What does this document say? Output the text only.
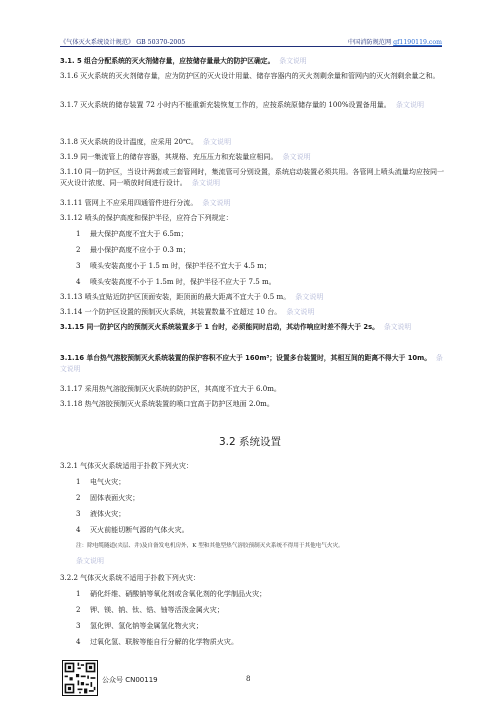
《气体灭火系统设计规范》 GB 50370-2005	中国消防规范网 gf1190119.com
3.1. 5 组合分配系统的灭火剂储存量，应按储存量最大的防护区确定。 条文说明
3.1.6 灭火系统的灭火剂储存量，应为防护区的灭火设计用量、储存容器内的灭火剂剩余量和管网内的灭火剂剩余量之和。
3.1.7 灭火系统的储存装置 72 小时内不能重新充装恢复工作的，应按系统原储存量的 100%设置备用量。 条文说明
3.1.8 灭火系统的设计温度，应采用 20℃。 条文说明
3.1.9 同一集流管上的储存容器，其规格、充压压力和充装量应相同。 条文说明
3.1.10 同一防护区，当设计两套或三套管网时，集流管可分别设置，系统启动装置必须共用。各管网上喷头流量均应按同一灭火设计浓度、同一喷放时间进行设计。 条文说明
3.1.11 管网上不应采用四通管件进行分流。 条文说明
3.1.12 喷头的保护高度和保护半径，应符合下列规定：
1 最大保护高度不宜大于 6.5m；
2 最小保护高度不应小于 0.3 m；
3 喷头安装高度小于 1.5 m 时，保护半径不宜大于 4.5 m；
4 喷头安装高度不小于 1.5m 时，保护半径不应大于 7.5 m。
3.1.13 喷头宜贴近防护区顶面安装，距顶面的最大距离不宜大于 0.5 m。 条文说明
3.1.14 一个防护区设置的预制灭火系统，其装置数量不宜超过 10 台。 条文说明
3.1.15 同一防护区内的预制灭火系统装置多于 1 台时，必须能同时启动，其动作响应时差不得大于 2s。 条文说明
3.1.16 单台热气溶胶预制灭火系统装置的保护容积不应大于 160m³；设置多台装置时，其相互间的距离不得大于 10m。 条文说明
3.1.17 采用热气溶胶预制灭火系统的防护区，其高度不宜大于 6.0m。
3.1.18 热气溶胶预制灭火系统装置的喷口宜高于防护区地面 2.0m。
3.2 系统设置
3.2.1 气体灭火系统适用于扑救下列火灾：
1 电气火灾；
2 固体表面火灾；
3 液体火灾；
4 灭火前能切断气源的气体火灾。
注：除电缆隧道(夹层、井)及自备发电机房外，K 型和其他型热气溶胶预制灭火系统不得用于其他电气火灾。
条文说明
3.2.2 气体灭火系统不适用于扑救下列火灾：
1 硝化纤维、硝酸钠等氧化剂或含氧化剂的化学制品火灾；
2 钾、镁、钠、钛、锆、铀等活泼金属火灾；
3 氢化钾、氢化钠等金属氢化物火灾；
4 过氧化氢、联胺等能自行分解的化学物质火灾。
公众号 CN00119	8
